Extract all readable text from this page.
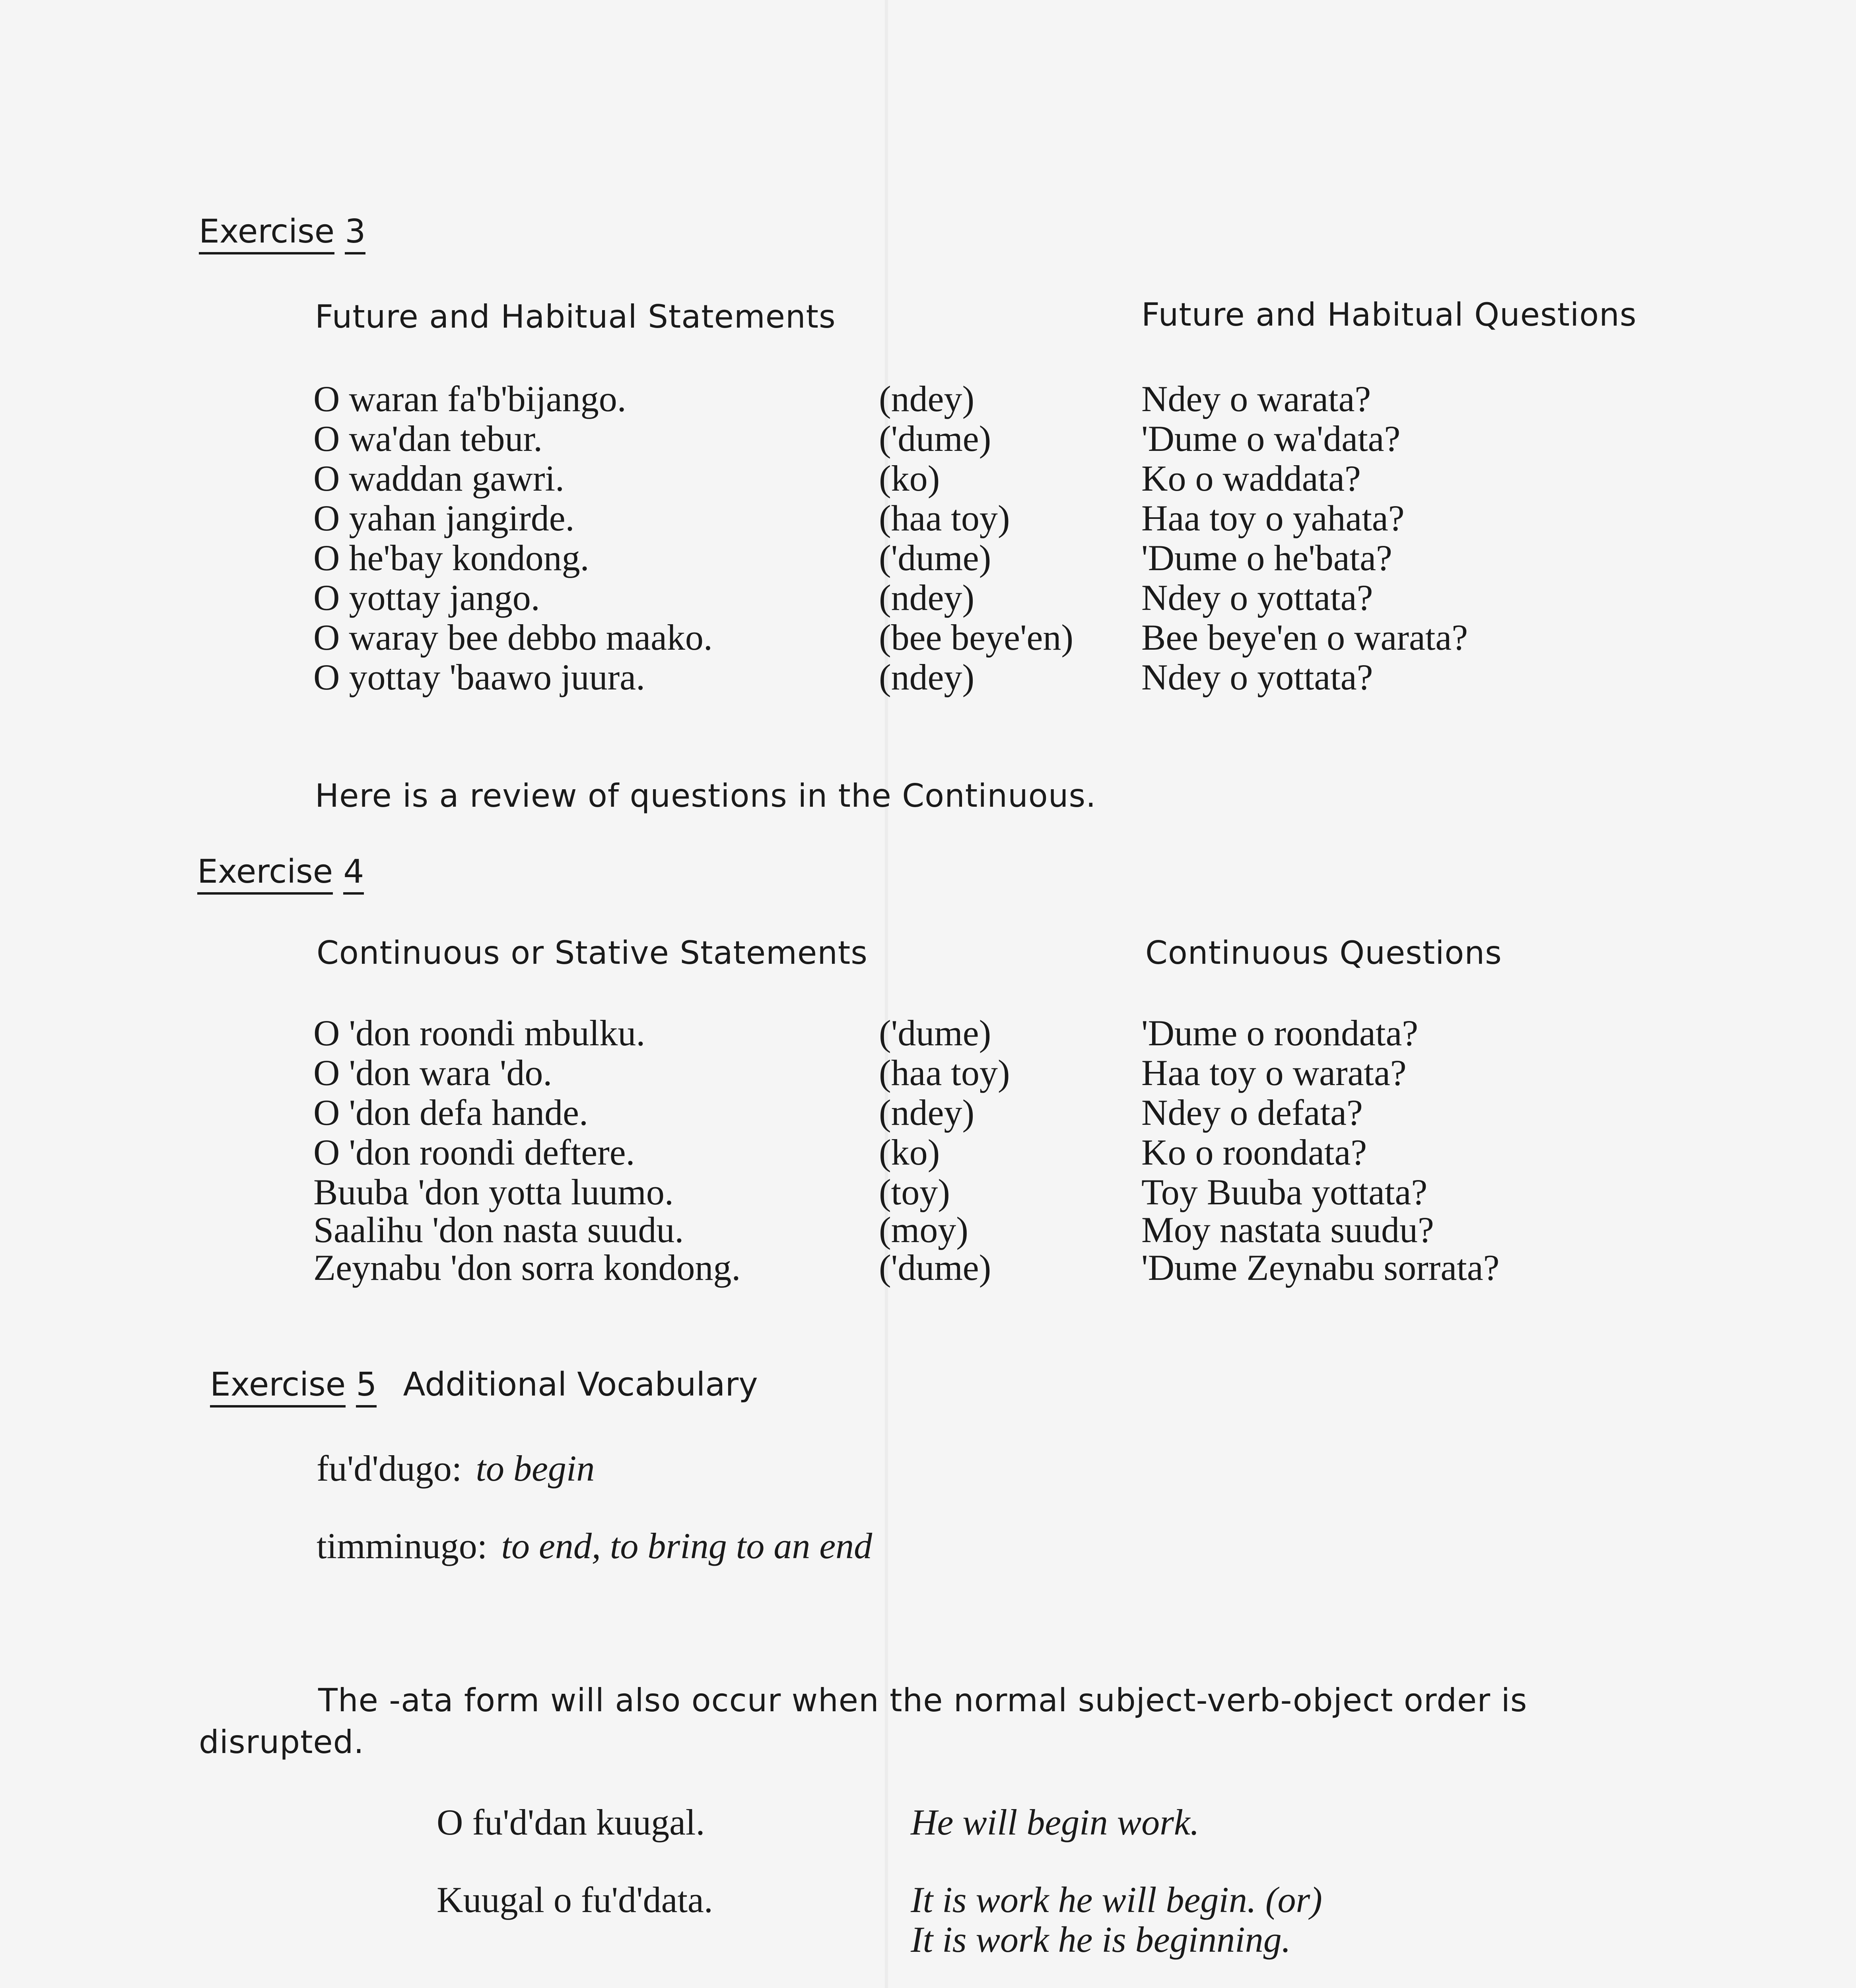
Exercise 3
Future and Habitual Statements	Future and Habitual Questions
O waran fa'b'bijango.	(ndey)	Ndey o warata?
O wa'dan tebur.	('dume)	'Dume o wa'data?
O waddan gawri.	(ko)	Ko o waddata?
O yahan jangirde.	(haa toy)	Haa toy o yahata?
O he'bay kondong.	('dume)	'Dume o he'bata?
O yottay jango.	(ndey)	Ndey o yottata?
O waray bee debbo maako.	(bee beye'en) Bee beye'en o warata?
O yottay 'baawo juura.	(ndey)	Ndey o yottata?
Here is a review of questions in the Continuous.
Exercise 4
Continuous or Stative Statements	Continuous Questions
O 'don roondi mbulku.	('dume)	'Dume o roondata?
O 'don wara 'do.	(haa toy)	Haa toy o warata?
O 'don defa hande.	(ndey)	Ndey o defata?
O 'don roondi deftere.	(ko)	Ko o roondata?
Buuba 'don yotta luumo.	(toy)	Toy Buuba yottata?
Saalihu 'don nasta suudu.	(moy)	Moy nastata suudu?
Zeynabu 'don sorra kondong.	('dume)	'Dume Zeynabu sorrata?
Exercise 5 Additional Vocabulary
fu'd'dugo: to begin
timminugo: to end, to bring to an end
The -ata form will also occur when the normal subject-verb-object order is
disrupted.
O fu'd'dan kuugal.	He will begin work.
Kuugal o fu'd'data.	It is work he will begin. (or)
It is work he is beginning.
